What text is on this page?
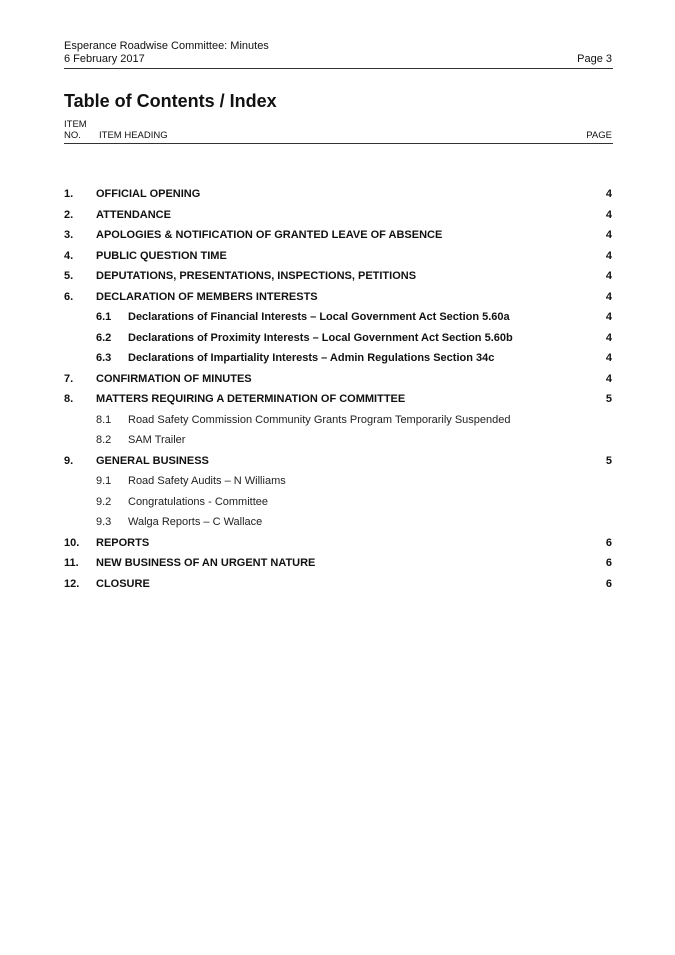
Esperance Roadwise Committee: Minutes
6 February 2017	Page 3
Table of Contents / Index
ITEM
NO.	ITEM HEADING	PAGE
1.	OFFICIAL OPENING	4
2.	ATTENDANCE	4
3.	APOLOGIES & NOTIFICATION OF GRANTED LEAVE OF ABSENCE	4
4.	PUBLIC QUESTION TIME	4
5.	DEPUTATIONS, PRESENTATIONS, INSPECTIONS, PETITIONS	4
6.	DECLARATION OF MEMBERS INTERESTS	4
6.1	Declarations of Financial Interests – Local Government Act Section 5.60a	4
6.2	Declarations of Proximity Interests – Local Government Act Section 5.60b	4
6.3	Declarations of Impartiality Interests – Admin Regulations Section 34c	4
7.	CONFIRMATION OF MINUTES	4
8.	MATTERS REQUIRING A DETERMINATION OF COMMITTEE	5
8.1	Road Safety Commission Community Grants Program Temporarily Suspended
8.2	SAM Trailer
9.	GENERAL BUSINESS	5
9.1	Road Safety Audits – N Williams
9.2	Congratulations - Committee
9.3	Walga Reports – C Wallace
10.	REPORTS	6
11.	NEW BUSINESS OF AN URGENT NATURE	6
12.	CLOSURE	6
